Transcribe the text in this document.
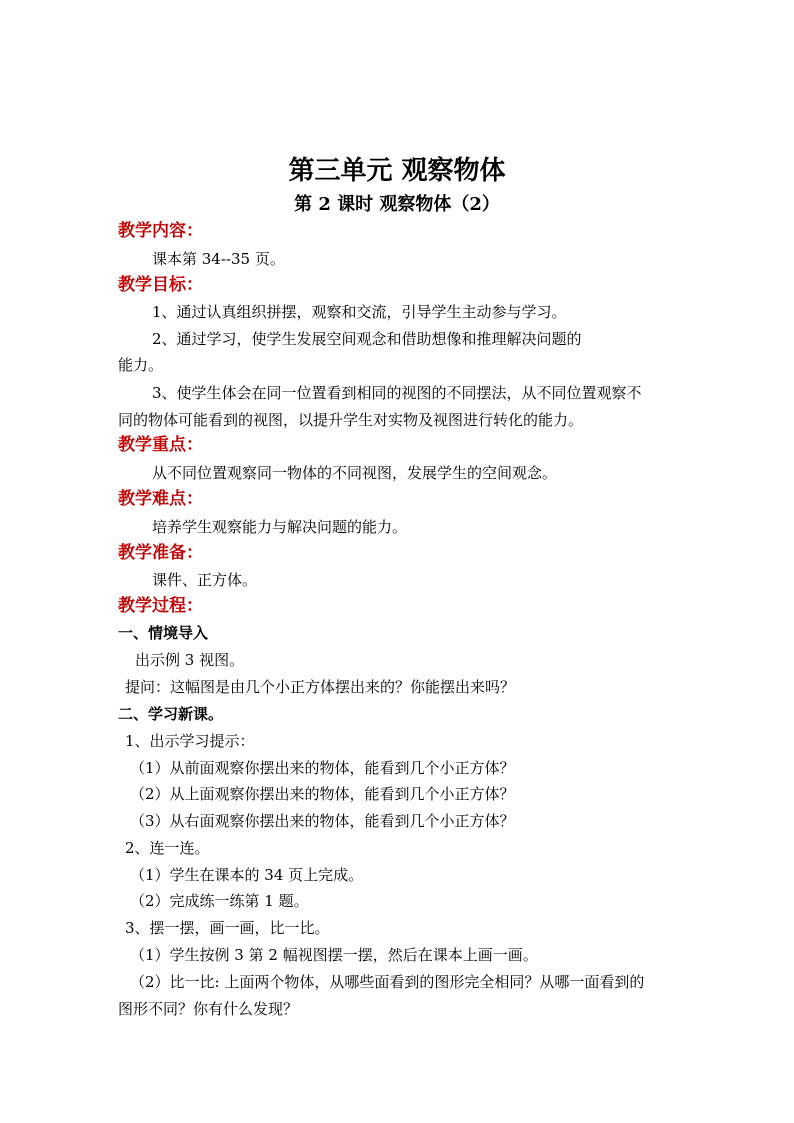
第三单元 观察物体
第 2 课时 观察物体（2）
教学内容：
课本第 34--35 页。
教学目标：
1、通过认真组织拼摆，观察和交流，引导学生主动参与学习。
2、通过学习，使学生发展空间观念和借助想像和推理解决问题的
能力。
3、使学生体会在同一位置看到相同的视图的不同摆法，从不同位置观察不
同的物体可能看到的视图，以提升学生对实物及视图进行转化的能力。
教学重点：
从不同位置观察同一物体的不同视图，发展学生的空间观念。
教学难点：
培养学生观察能力与解决问题的能力。
教学准备：
课件、正方体。
教学过程：
一、情境导入
出示例 3 视图。
提问：这幅图是由几个小正方体摆出来的？你能摆出来吗？
二、学习新课。
1、出示学习提示：
（1）从前面观察你摆出来的物体，能看到几个小正方体？
（2）从上面观察你摆出来的物体，能看到几个小正方体？
（3）从右面观察你摆出来的物体，能看到几个小正方体？
2、连一连。
（1）学生在课本的 34 页上完成。
（2）完成练一练第 1 题。
3、摆一摆，画一画，比一比。
（1）学生按例 3 第 2 幅视图摆一摆，然后在课本上画一画。
（2）比一比: 上面两个物体，从哪些面看到的图形完全相同？从哪一面看到的
图形不同？你有什么发现？
